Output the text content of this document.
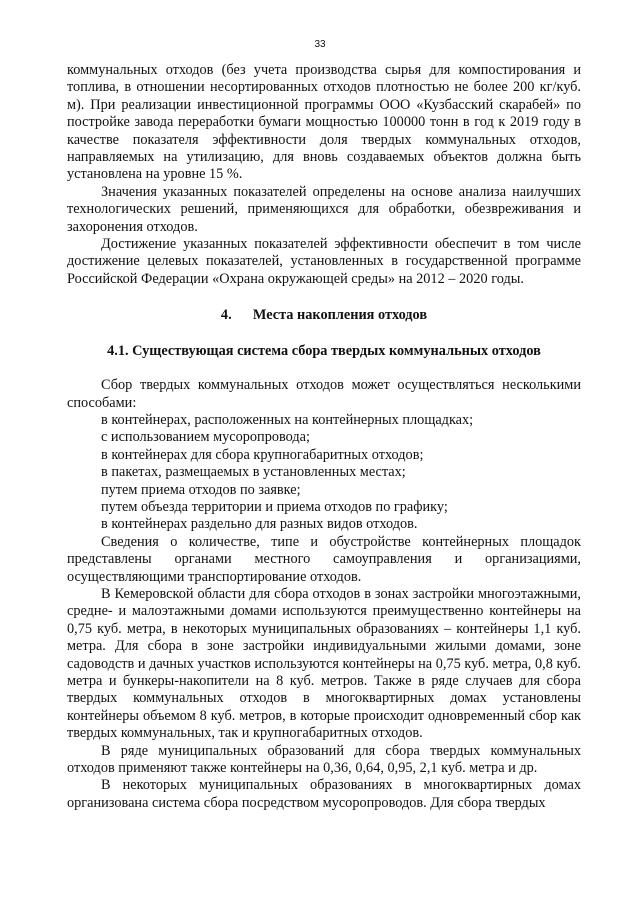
33

коммунальных отходов (без учета производства сырья для компостирования и топлива, в отношении несортированных отходов плотностью не более 200 кг/куб. м). При реализации инвестиционной программы ООО «Кузбасский скарабей» по постройке завода переработки бумаги мощностью 100000 тонн в год к 2019 году в качестве показателя эффективности доля твердых коммунальных отходов, направляемых на утилизацию, для вновь создаваемых объектов должна быть установлена на уровне 15 %.

Значения указанных показателей определены на основе анализа наилучших технологических решений, применяющихся для обработки, обезвреживания и захоронения отходов.

Достижение указанных показателей эффективности обеспечит в том числе достижение целевых показателей, установленных в государственной программе Российской Федерации «Охрана окружающей среды» на 2012 – 2020 годы.

4. Места накопления отходов

4.1. Существующая система сбора твердых коммунальных отходов

Сбор твердых коммунальных отходов может осуществляться несколькими способами:

в контейнерах, расположенных на контейнерных площадках;
с использованием мусоропровода;
в контейнерах для сбора крупногабаритных отходов;
в пакетах, размещаемых в установленных местах;
путем приема отходов по заявке;
путем объезда территории и приема отходов по графику;
в контейнерах раздельно для разных видов отходов.

Сведения о количестве, типе и обустройстве контейнерных площадок представлены органами местного самоуправления и организациями, осуществляющими транспортирование отходов.

В Кемеровской области для сбора отходов в зонах застройки многоэтажными, средне- и малоэтажными домами используются преимущественно контейнеры на 0,75 куб. метра, в некоторых муниципальных образованиях – контейнеры 1,1 куб. метра. Для сбора в зоне застройки индивидуальными жилыми домами, зоне садоводств и дачных участков используются контейнеры на 0,75 куб. метра, 0,8 куб. метра и бункеры-накопители на 8 куб. метров. Также в ряде случаев для сбора твердых коммунальных отходов в многоквартирных домах установлены контейнеры объемом 8 куб. метров, в которые происходит одновременный сбор как твердых коммунальных, так и крупногабаритных отходов.

В ряде муниципальных образований для сбора твердых коммунальных отходов применяют также контейнеры на 0,36, 0,64, 0,95, 2,1 куб. метра и др.

В некоторых муниципальных образованиях в многоквартирных домах организована система сбора посредством мусоропроводов. Для сбора твердых
